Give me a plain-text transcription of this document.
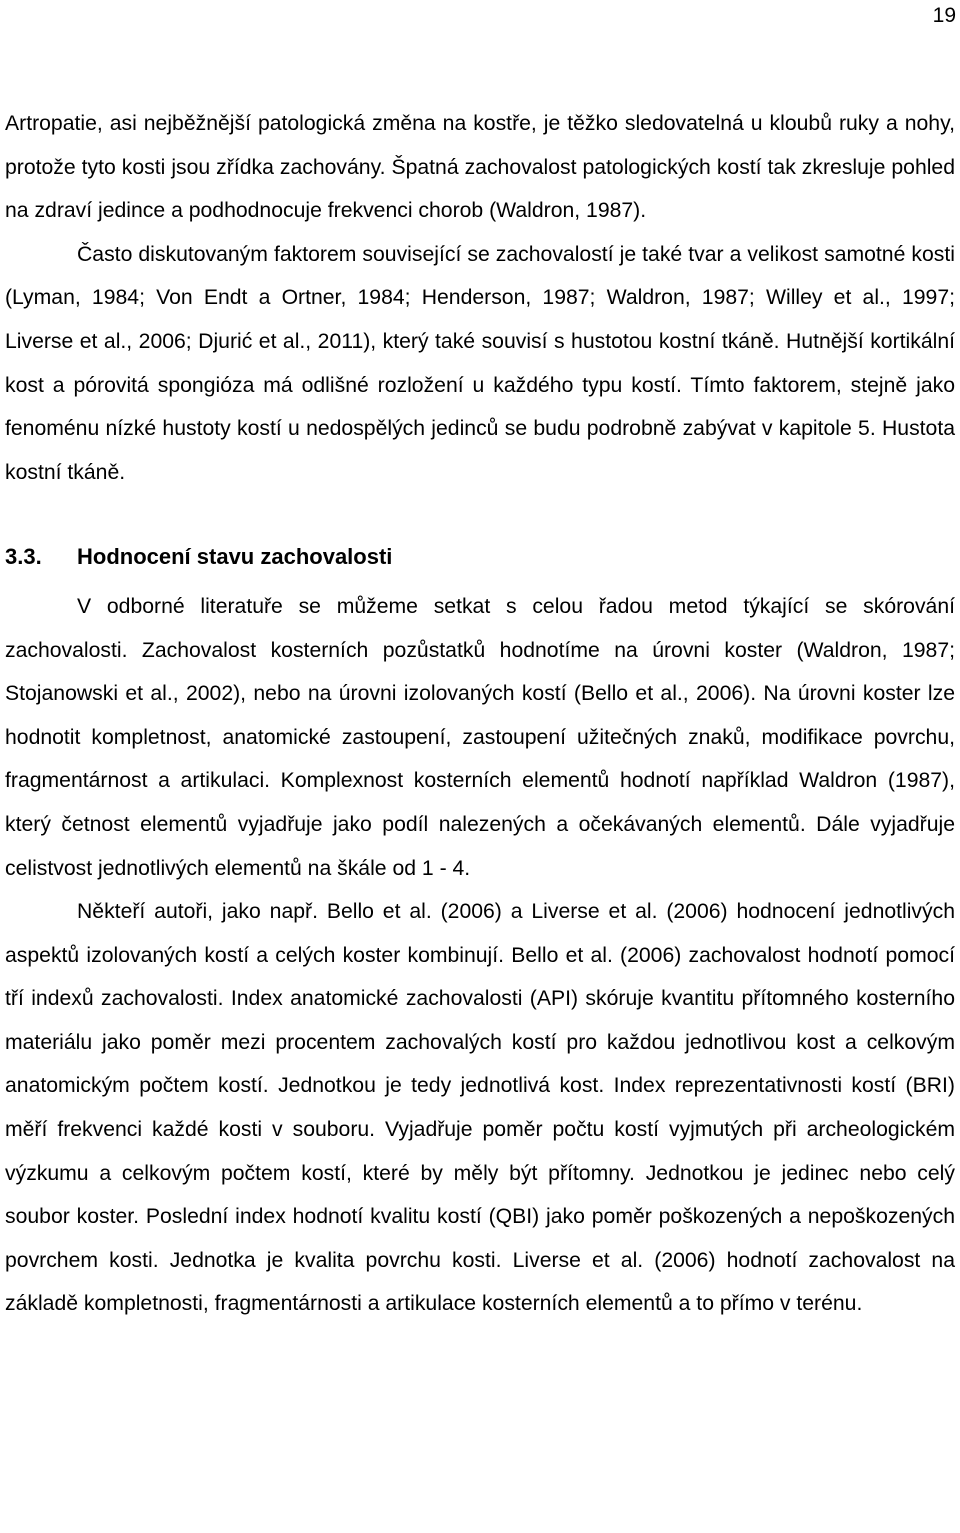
19

Artropatie, asi nejběžnější patologická změna na kostře, je těžko sledovatelná u kloubů ruky a nohy, protože tyto kosti jsou zřídka zachovány. Špatná zachovalost patologických kostí tak zkresluje pohled na zdraví jedince a podhodnocuje frekvenci chorob (Waldron, 1987).

Často diskutovaným faktorem související se zachovalostí je také tvar a velikost samotné kosti (Lyman, 1984; Von Endt a Ortner, 1984; Henderson, 1987; Waldron, 1987; Willey et al., 1997; Liverse et al., 2006; Djurić et al., 2011), který také souvisí s hustotou kostní tkáně. Hutnější kortikální kost a pórovitá spongióza má odlišné rozložení u každého typu kostí. Tímto faktorem, stejně jako fenoménu nízké hustoty kostí u nedospělých jedinců se budu podrobně zabývat v kapitole 5. Hustota kostní tkáně.

3.3. Hodnocení stavu zachovalosti

V odborné literatuře se můžeme setkat s celou řadou metod týkající se skórování zachovalosti. Zachovalost kosterních pozůstatků hodnotíme na úrovni koster (Waldron, 1987; Stojanowski et al., 2002), nebo na úrovni izolovaných kostí (Bello et al., 2006). Na úrovni koster lze hodnotit kompletnost, anatomické zastoupení, zastoupení užitečných znaků, modifikace povrchu, fragmentárnost a artikulaci. Komplexnost kosterních elementů hodnotí například Waldron (1987), který četnost elementů vyjadřuje jako podíl nalezených a očekávaných elementů. Dále vyjadřuje celistvost jednotlivých elementů na škále od 1 - 4.

Někteří autoři, jako např. Bello et al. (2006) a Liverse et al. (2006) hodnocení jednotlivých aspektů izolovaných kostí a celých koster kombinují. Bello et al. (2006) zachovalost hodnotí pomocí tří indexů zachovalosti. Index anatomické zachovalosti (API) skóruje kvantitu přítomného kosterního materiálu jako poměr mezi procentem zachovalých kostí pro každou jednotlivou kost a celkovým anatomickým počtem kostí. Jednotkou je tedy jednotlivá kost. Index reprezentativnosti kostí (BRI) měří frekvenci každé kosti v souboru. Vyjadřuje poměr počtu kostí vyjmutých při archeologickém výzkumu a celkovým počtem kostí, které by měly být přítomny. Jednotkou je jedinec nebo celý soubor koster. Poslední index hodnotí kvalitu kostí (QBI) jako poměr poškozených a nepoškozených povrchem kosti. Jednotka je kvalita povrchu kosti. Liverse et al. (2006) hodnotí zachovalost na základě kompletnosti, fragmentárnosti a artikulace kosterních elementů a to přímo v terénu.
